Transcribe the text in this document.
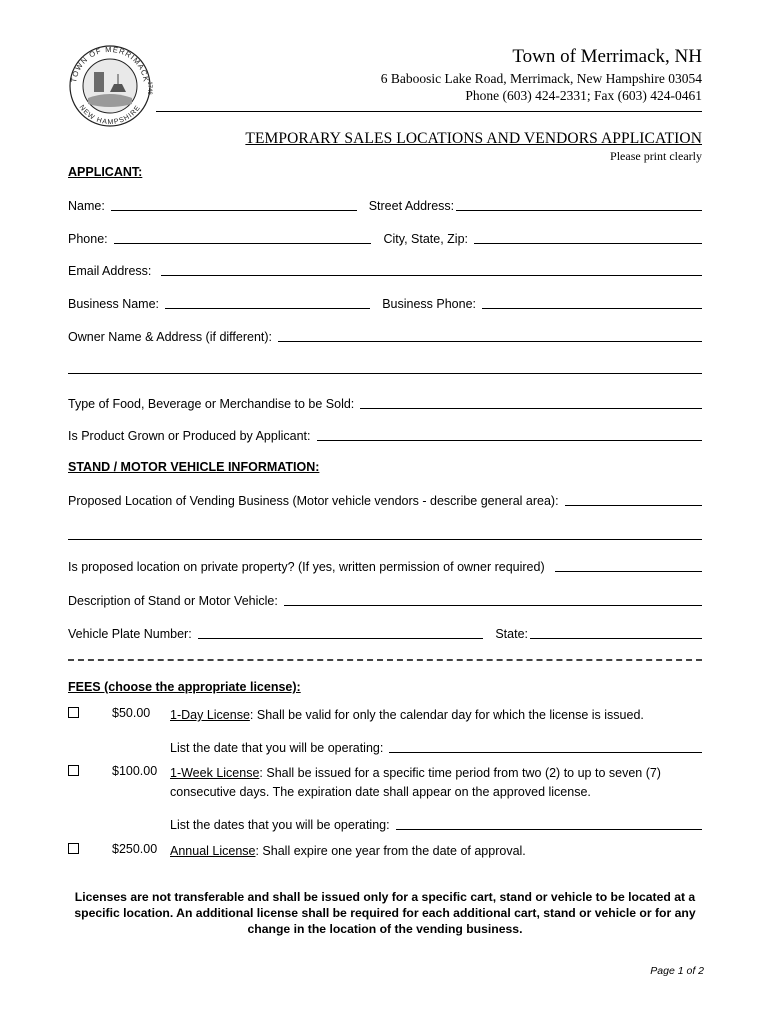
TOWN OF MERRIMACK
NEW HAMPSHIRE
1746
Town of Merrimack, NH
6 Baboosic Lake Road, Merrimack, New Hampshire 03054
Phone (603) 424-2331; Fax (603) 424-0461
TEMPORARY SALES LOCATIONS AND VENDORS APPLICATION
Please print clearly
APPLICANT:
Name:	Street Address:
Phone:	City, State, Zip:
Email Address:
Business Name:	Business Phone:
Owner Name & Address (if different):
Type of Food, Beverage or Merchandise to be Sold:
Is Product Grown or Produced by Applicant:
STAND / MOTOR VEHICLE INFORMATION:
Proposed Location of Vending Business (Motor vehicle vendors - describe general area):
Is proposed location on private property? (If yes, written permission of owner required)
Description of Stand or Motor Vehicle:
Vehicle Plate Number:	State:
FEES (choose the appropriate license):
$50.00 1-Day License: Shall be valid for only the calendar day for which the license is issued.
List the date that you will be operating:
$100.00 1-Week License: Shall be issued for a specific time period from two (2) to up to seven (7) consecutive days. The expiration date shall appear on the approved license.
List the dates that you will be operating:
$250.00 Annual License: Shall expire one year from the date of approval.
Licenses are not transferable and shall be issued only for a specific cart, stand or vehicle to be located at a specific location. An additional license shall be required for each additional cart, stand or vehicle or for any change in the location of the vending business.
Page 1 of 2
